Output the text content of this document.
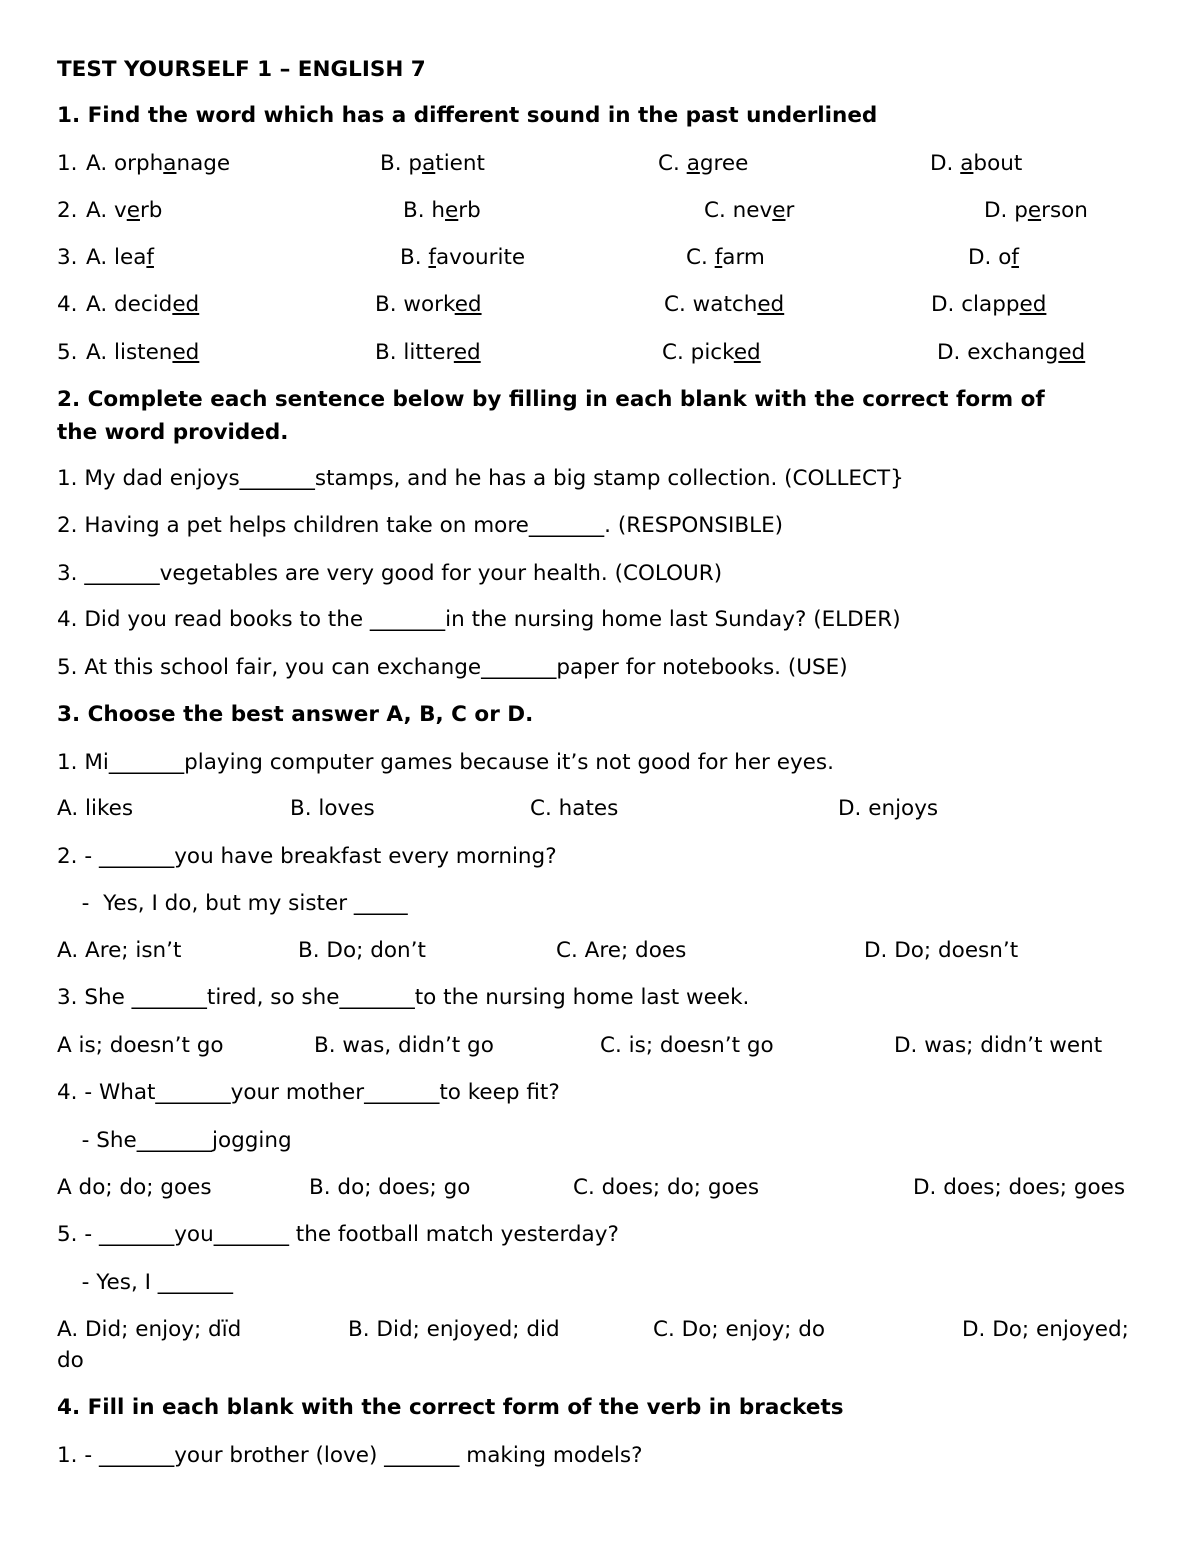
TEST YOURSELF 1 – ENGLISH 7
1. Find the word which has a different sound in the past underlined
1. A. orphanage	B. patient	C. agree	D. about
2. A. verb	B. herb	C. never	D. person
3. A. leaf	B. favourite	C. farm	D. of
4. A. decided	B. worked	C. watched	D. clapped
5. A. listened	B. littered	C. picked	D. exchanged
2. Complete each sentence below by filling in each blank with the correct form of
the word provided.
1. My dad enjoys_______stamps, and he has a big stamp collection. (COLLECT}
2. Having a pet helps children take on more_______. (RESPONSIBLE)
3. _______vegetables are very good for your health. (COLOUR)
4. Did you read books to the _______in the nursing home last Sunday? (ELDER)
5. At this school fair, you can exchange_______paper for notebooks. (USE)
3. Choose the best answer A, B, C or D.
1. Mi_______playing computer games because it’s not good for her eyes.
A. likes	B. loves	C. hates	D. enjoys
2. - _______you have breakfast every morning?
-  Yes, I do, but my sister _____
A. Are; isn’t	B. Do; don’t	C. Are; does	D. Do; doesn’t
3. She _______tired, so she_______to the nursing home last week.
A is; doesn’t go	B. was, didn’t go	C. is; doesn’t go	D. was; didn’t went
4. - What_______your mother_______to keep fit?
- She_______jogging
A do; do; goes	B. do; does; go	C. does; do; goes	D. does; does; goes
5. - _______you_______ the football match yesterday?
- Yes, I _______
A. Did; enjoy; dïd	B. Did; enjoyed; did	C. Do; enjoy; do	D. Do; enjoyed;
do
4. Fill in each blank with the correct form of the verb in brackets
1. - _______your brother (love) _______ making models?
